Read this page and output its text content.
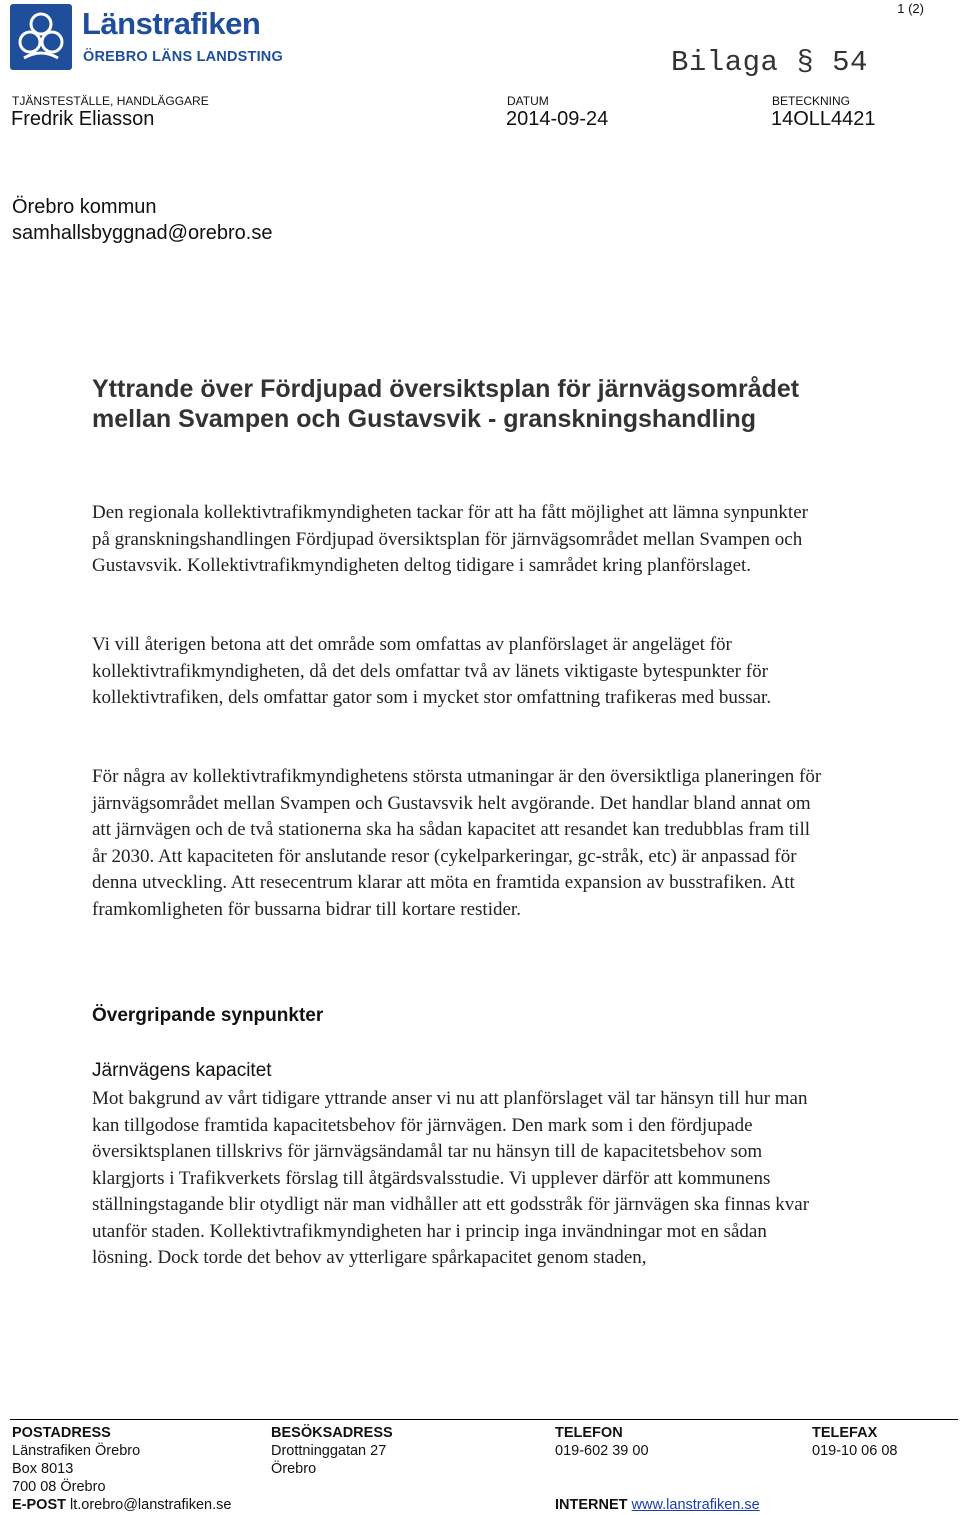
Länstrafiken
ÖREBRO LÄNS LANDSTING
1 (2)
Bilaga § 54
TJÄNSTESTÄLLE, HANDLÄGGARE
Fredrik Eliasson
DATUM
2014-09-24
BETECKNING
14OLL4421
Örebro kommun
samhallsbyggnad@orebro.se
Yttrande över Fördjupad översiktsplan för järnvägsområdet mellan Svampen och Gustavsvik - granskningshandling
Den regionala kollektivtrafikmyndigheten tackar för att ha fått möjlighet att lämna synpunkter på granskningshandlingen Fördjupad översiktsplan för järnvägsområdet mellan Svampen och Gustavsvik. Kollektivtrafikmyndigheten deltog tidigare i samrådet kring planförslaget.
Vi vill återigen betona att det område som omfattas av planförslaget är angeläget för kollektivtrafikmyndigheten, då det dels omfattar två av länets viktigaste bytespunkter för kollektivtrafiken, dels omfattar gator som i mycket stor omfattning trafikeras med bussar.
För några av kollektivtrafikmyndighetens största utmaningar är den översiktliga planeringen för järnvägsområdet mellan Svampen och Gustavsvik helt avgörande. Det handlar bland annat om att järnvägen och de två stationerna ska ha sådan kapacitet att resandet kan tredubblas fram till år 2030. Att kapaciteten för anslutande resor (cykelparkeringar, gc-stråk, etc) är anpassad för denna utveckling. Att resecentrum klarar att möta en framtida expansion av busstrafiken. Att framkomligheten för bussarna bidrar till kortare restider.
Övergripande synpunkter
Järnvägens kapacitet
Mot bakgrund av vårt tidigare yttrande anser vi nu att planförslaget väl tar hänsyn till hur man kan tillgodose framtida kapacitetsbehov för järnvägen. Den mark som i den fördjupade översiktsplanen tillskrivs för järnvägsändamål tar nu hänsyn till de kapacitetsbehov som klargjorts i Trafikverkets förslag till åtgärdsvalsstudie. Vi upplever därför att kommunens ställningstagande blir otydligt när man vidhåller att ett godsstråk för järnvägen ska finnas kvar utanför staden. Kollektivtrafikmyndigheten har i princip inga invändningar mot en sådan lösning. Dock torde det behov av ytterligare spårkapacitet genom staden,
POSTADRESS
Länstrafiken Örebro
Box 8013
700 08 Örebro
E-POST lt.orebro@lanstrafiken.se
BESÖKSADRESS
Drottninggatan 27
Örebro
TELEFON
019-602 39 00
INTERNET www.lanstrafiken.se
TELEFAX
019-10 06 08
